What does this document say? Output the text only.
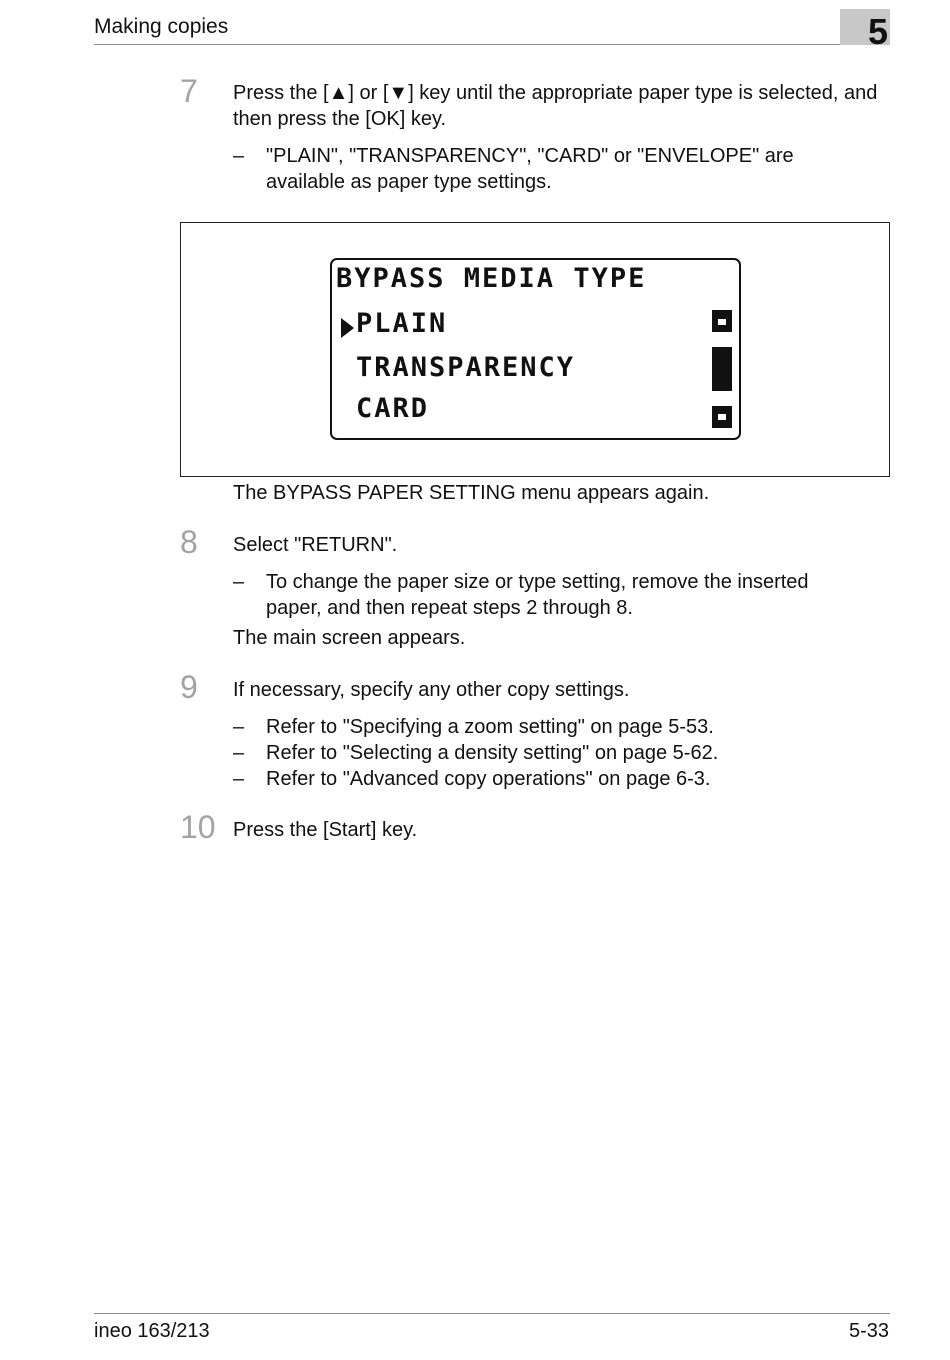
Making copies	5
7 Press the [▲] or [▼] key until the appropriate paper type is selected, and
then press the [OK] key.
– "PLAIN", "TRANSPARENCY", "CARD" or "ENVELOPE" are
available as paper type settings.
BYPASS MEDIA TYPE
PLAIN
TRANSPARENCY
CARD
The BYPASS PAPER SETTING menu appears again.
8 Select "RETURN".
– To change the paper size or type setting, remove the inserted
paper, and then repeat steps 2 through 8.
The main screen appears.
9 If necessary, specify any other copy settings.
– Refer to "Specifying a zoom setting" on page 5-53.
– Refer to "Selecting a density setting" on page 5-62.
– Refer to "Advanced copy operations" on page 6-3.
10 Press the [Start] key.
ineo 163/213	5-33
